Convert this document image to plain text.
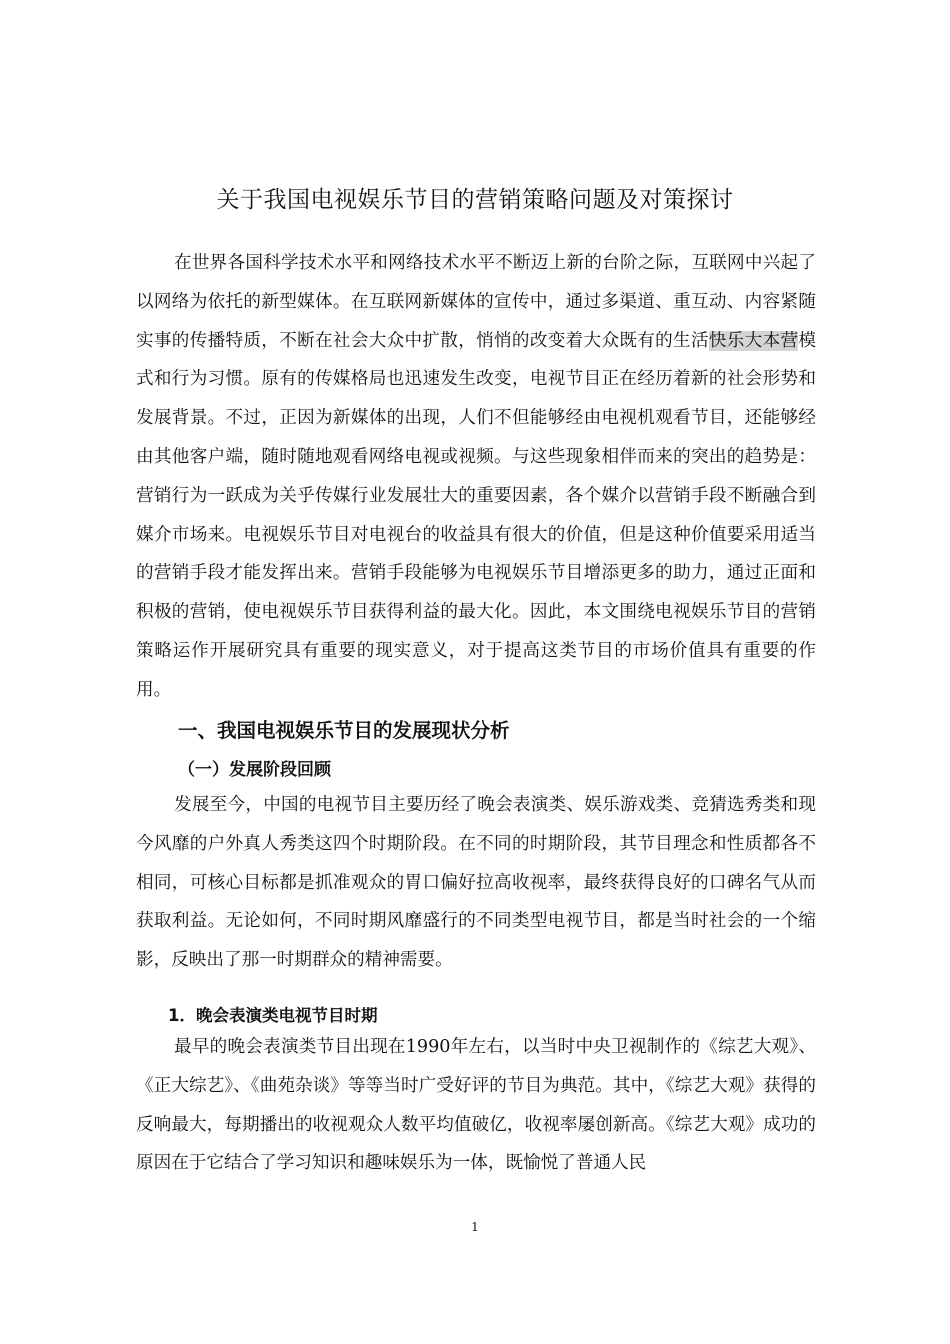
关于我国电视娱乐节目的营销策略问题及对策探讨

在世界各国科学技术水平和网络技术水平不断迈上新的台阶之际，互联网中兴起了以网络为依托的新型媒体。在互联网新媒体的宣传中，通过多渠道、重互动、内容紧随实事的传播特质，不断在社会大众中扩散，悄悄的改变着大众既有的生活快乐大本营模式和行为习惯。原有的传媒格局也迅速发生改变，电视节目正在经历着新的社会形势和发展背景。不过，正因为新媒体的出现，人们不但能够经由电视机观看节目，还能够经由其他客户端，随时随地观看网络电视或视频。与这些现象相伴而来的突出的趋势是：营销行为一跃成为关乎传媒行业发展壮大的重要因素，各个媒介以营销手段不断融合到媒介市场来。电视娱乐节目对电视台的收益具有很大的价值，但是这种价值要采用适当的营销手段才能发挥出来。营销手段能够为电视娱乐节目增添更多的助力，通过正面和积极的营销，使电视娱乐节目获得利益的最大化。因此，本文围绕电视娱乐节目的营销策略运作开展研究具有重要的现实意义，对于提高这类节目的市场价值具有重要的作用。

一、我国电视娱乐节目的发展现状分析
（一）发展阶段回顾

发展至今，中国的电视节目主要历经了晚会表演类、娱乐游戏类、竞猜选秀类和现今风靡的户外真人秀类这四个时期阶段。在不同的时期阶段，其节目理念和性质都各不相同，可核心目标都是抓准观众的胃口偏好拉高收视率，最终获得良好的口碑名气从而获取利益。无论如何，不同时期风靡盛行的不同类型电视节目，都是当时社会的一个缩影，反映出了那一时期群众的精神需要。

1．晚会表演类电视节目时期

最早的晚会表演类节目出现在1990年左右，以当时中央卫视制作的《综艺大观》、《正大综艺》、《曲苑杂谈》等等当时广受好评的节目为典范。其中，《综艺大观》获得的反响最大，每期播出的收视观众人数平均值破亿，收视率屡创新高。《综艺大观》成功的原因在于它结合了学习知识和趣味娱乐为一体，既愉悦了普通人民

1
